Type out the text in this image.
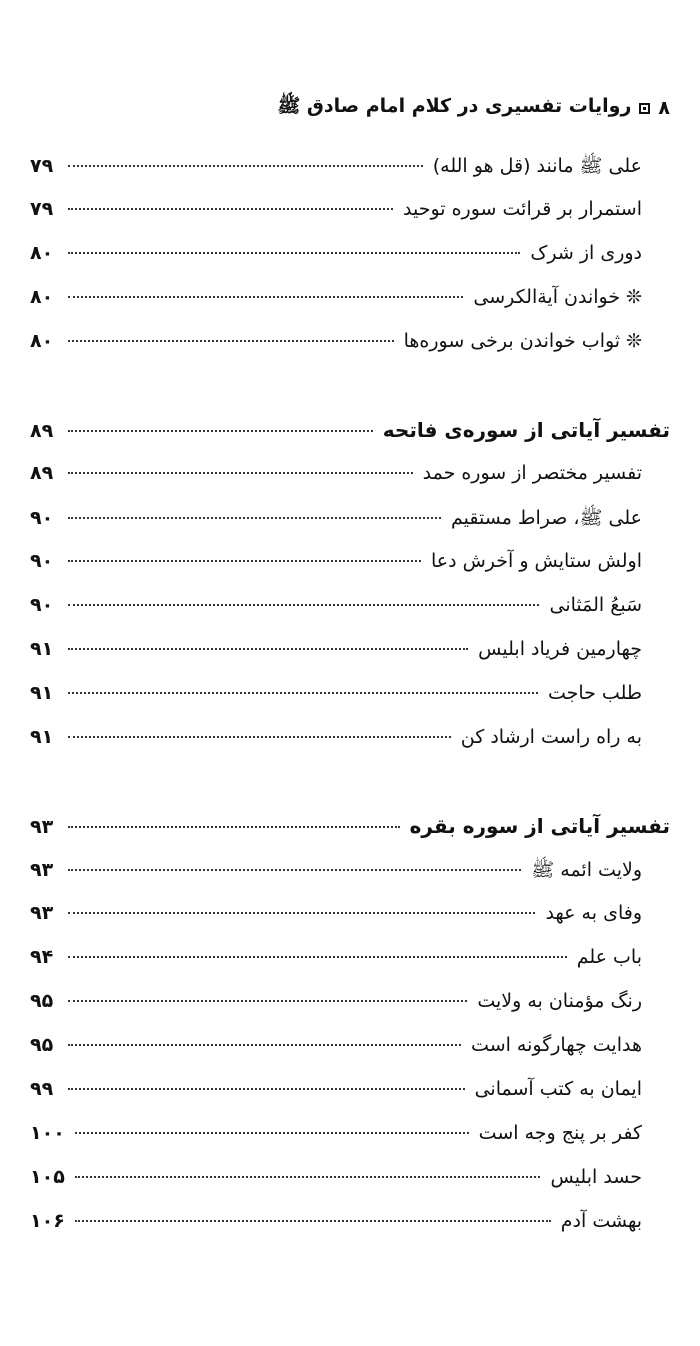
۸
روایات تفسیری در کلام امام صادق ﷺ
علی ﷺ مانند (قل هو الله)
۷۹
استمرار بر قرائت سوره توحید
۷۹
دوری از شرک
۸۰
❊خواندن آیةالکرسی
۸۰
❊ثواب خواندن برخی سوره‌ها
۸۰
تفسیر آیاتی از سوره‌ی فاتحه
۸۹
تفسیر مختصر از سوره حمد
۸۹
علی ﷺ، صراط مستقیم
۹۰
اولش ستایش و آخرش دعا
۹۰
سَبعُ المَثانی
۹۰
چهارمین فریاد ابلیس
۹۱
طلب حاجت
۹۱
به راه راست ارشاد کن
۹۱
تفسیر آیاتی از سوره بقره
۹۳
ولایت ائمه ﷺ
۹۳
وفای به عهد
۹۳
باب علم
۹۴
رنگ مؤمنان به ولایت
۹۵
هدایت چهارگونه است
۹۵
ایمان به کتب آسمانی
۹۹
کفر بر پنج وجه است
۱۰۰
حسد ابلیس
۱۰۵
بهشت آدم
۱۰۶
